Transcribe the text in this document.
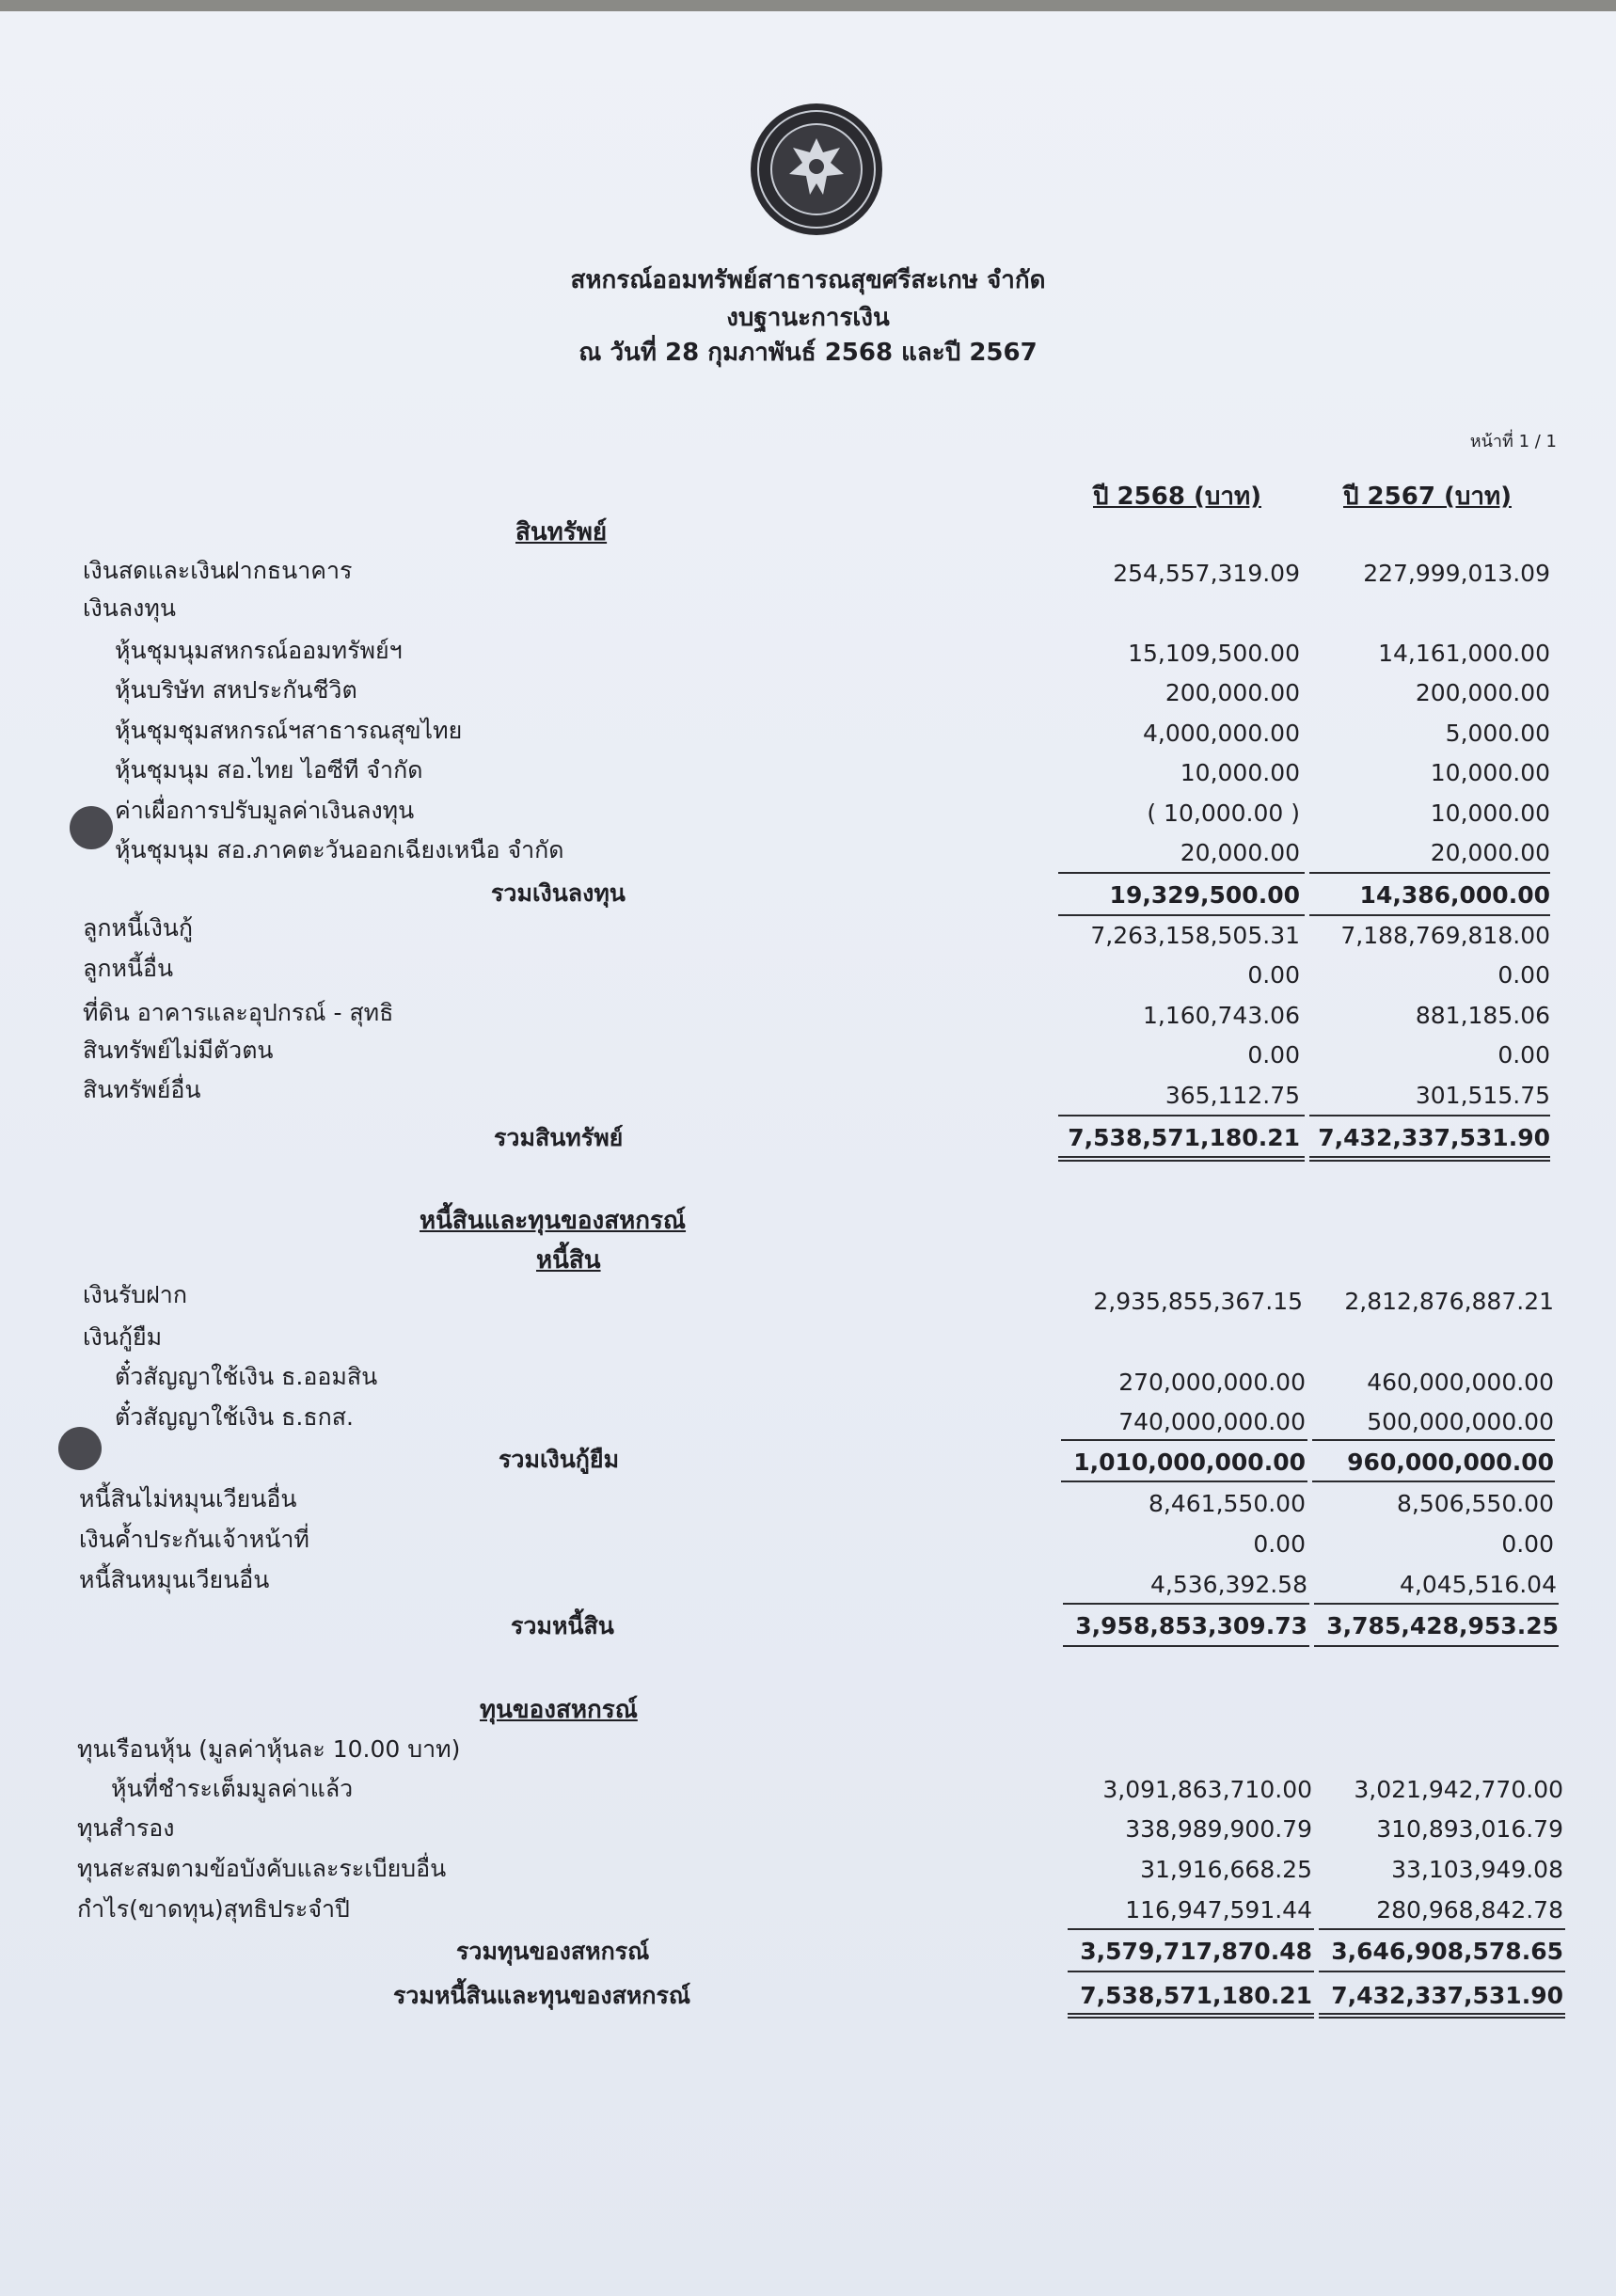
สหกรณ์ออมทรัพย์สาธารณสุขศรีสะเกษ จำกัด
งบฐานะการเงิน
ณ วันที่ 28 กุมภาพันธ์ 2568 และปี 2567
หน้าที่ 1 / 1
ปี 2568 (บาท)	ปี 2567 (บาท)
สินทรัพย์
เงินสดและเงินฝากธนาคาร	254,557,319.09	227,999,013.09
เงินลงทุน
หุ้นชุมนุมสหกรณ์ออมทรัพย์ฯ	15,109,500.00	14,161,000.00
หุ้นบริษัท สหประกันชีวิต	200,000.00	200,000.00
หุ้นชุมชุมสหกรณ์ฯสาธารณสุขไทย	4,000,000.00	5,000.00
หุ้นชุมนุม สอ.ไทย ไอซีที จำกัด	10,000.00	10,000.00
ค่าเผื่อการปรับมูลค่าเงินลงทุน	( 10,000.00 )	10,000.00
หุ้นชุมนุม สอ.ภาคตะวันออกเฉียงเหนือ จำกัด	20,000.00	20,000.00
รวมเงินลงทุน	19,329,500.00	14,386,000.00
ลูกหนี้เงินกู้	7,263,158,505.31	7,188,769,818.00
ลูกหนี้อื่น	0.00	0.00
ที่ดิน อาคารและอุปกรณ์ - สุทธิ	1,160,743.06	881,185.06
สินทรัพย์ไม่มีตัวตน	0.00	0.00
สินทรัพย์อื่น	365,112.75	301,515.75
รวมสินทรัพย์	7,538,571,180.21 7,432,337,531.90
หนี้สินและทุนของสหกรณ์
หนี้สิน
เงินรับฝาก	2,935,855,367.15	2,812,876,887.21
เงินกู้ยืม
ตั๋วสัญญาใช้เงิน ธ.ออมสิน	270,000,000.00	460,000,000.00
ตั๋วสัญญาใช้เงิน ธ.ธกส.	740,000,000.00	500,000,000.00
รวมเงินกู้ยืม	1,010,000,000.00	960,000,000.00
หนี้สินไม่หมุนเวียนอื่น	8,461,550.00	8,506,550.00
เงินค้ำประกันเจ้าหน้าที่	0.00	0.00
หนี้สินหมุนเวียนอื่น	4,536,392.58	4,045,516.04
รวมหนี้สิน	3,958,853,309.73 3,785,428,953.25
ทุนของสหกรณ์
ทุนเรือนหุ้น (มูลค่าหุ้นละ 10.00 บาท)
หุ้นที่ชำระเต็มมูลค่าแล้ว	3,091,863,710.00	3,021,942,770.00
ทุนสำรอง	338,989,900.79	310,893,016.79
ทุนสะสมตามข้อบังคับและระเบียบอื่น	31,916,668.25	33,103,949.08
กำไร(ขาดทุน)สุทธิประจำปี	116,947,591.44	280,968,842.78
รวมทุนของสหกรณ์	3,579,717,870.48 3,646,908,578.65
รวมหนี้สินและทุนของสหกรณ์	7,538,571,180.21 7,432,337,531.90
